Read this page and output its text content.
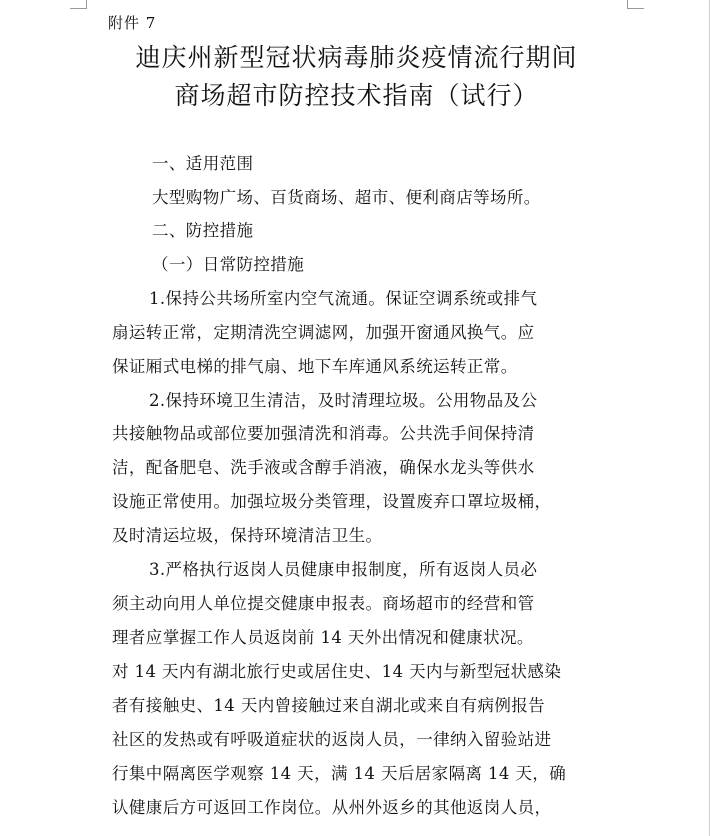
附件 7
迪庆州新型冠状病毒肺炎疫情流行期间
商场超市防控技术指南（试行）
一、适用范围
大型购物广场、百货商场、超市、便利商店等场所。
二、防控措施
（一）日常防控措施
1.保持公共场所室内空气流通。保证空调系统或排气
扇运转正常，定期清洗空调滤网，加强开窗通风换气。应
保证厢式电梯的排气扇、地下车库通风系统运转正常。
2.保持环境卫生清洁，及时清理垃圾。公用物品及公
共接触物品或部位要加强清洗和消毒。公共洗手间保持清
洁，配备肥皂、洗手液或含醇手消液，确保水龙头等供水
设施正常使用。加强垃圾分类管理，设置废弃口罩垃圾桶，
及时清运垃圾，保持环境清洁卫生。
3.严格执行返岗人员健康申报制度，所有返岗人员必
须主动向用人单位提交健康申报表。商场超市的经营和管
理者应掌握工作人员返岗前 14 天外出情况和健康状况。
对 14 天内有湖北旅行史或居住史、14 天内与新型冠状感染
者有接触史、14 天内曾接触过来自湖北或来自有病例报告
社区的发热或有呼吸道症状的返岗人员，一律纳入留验站进
行集中隔离医学观察 14 天，满 14 天后居家隔离 14 天，确
认健康后方可返回工作岗位。从州外返乡的其他返岗人员，
